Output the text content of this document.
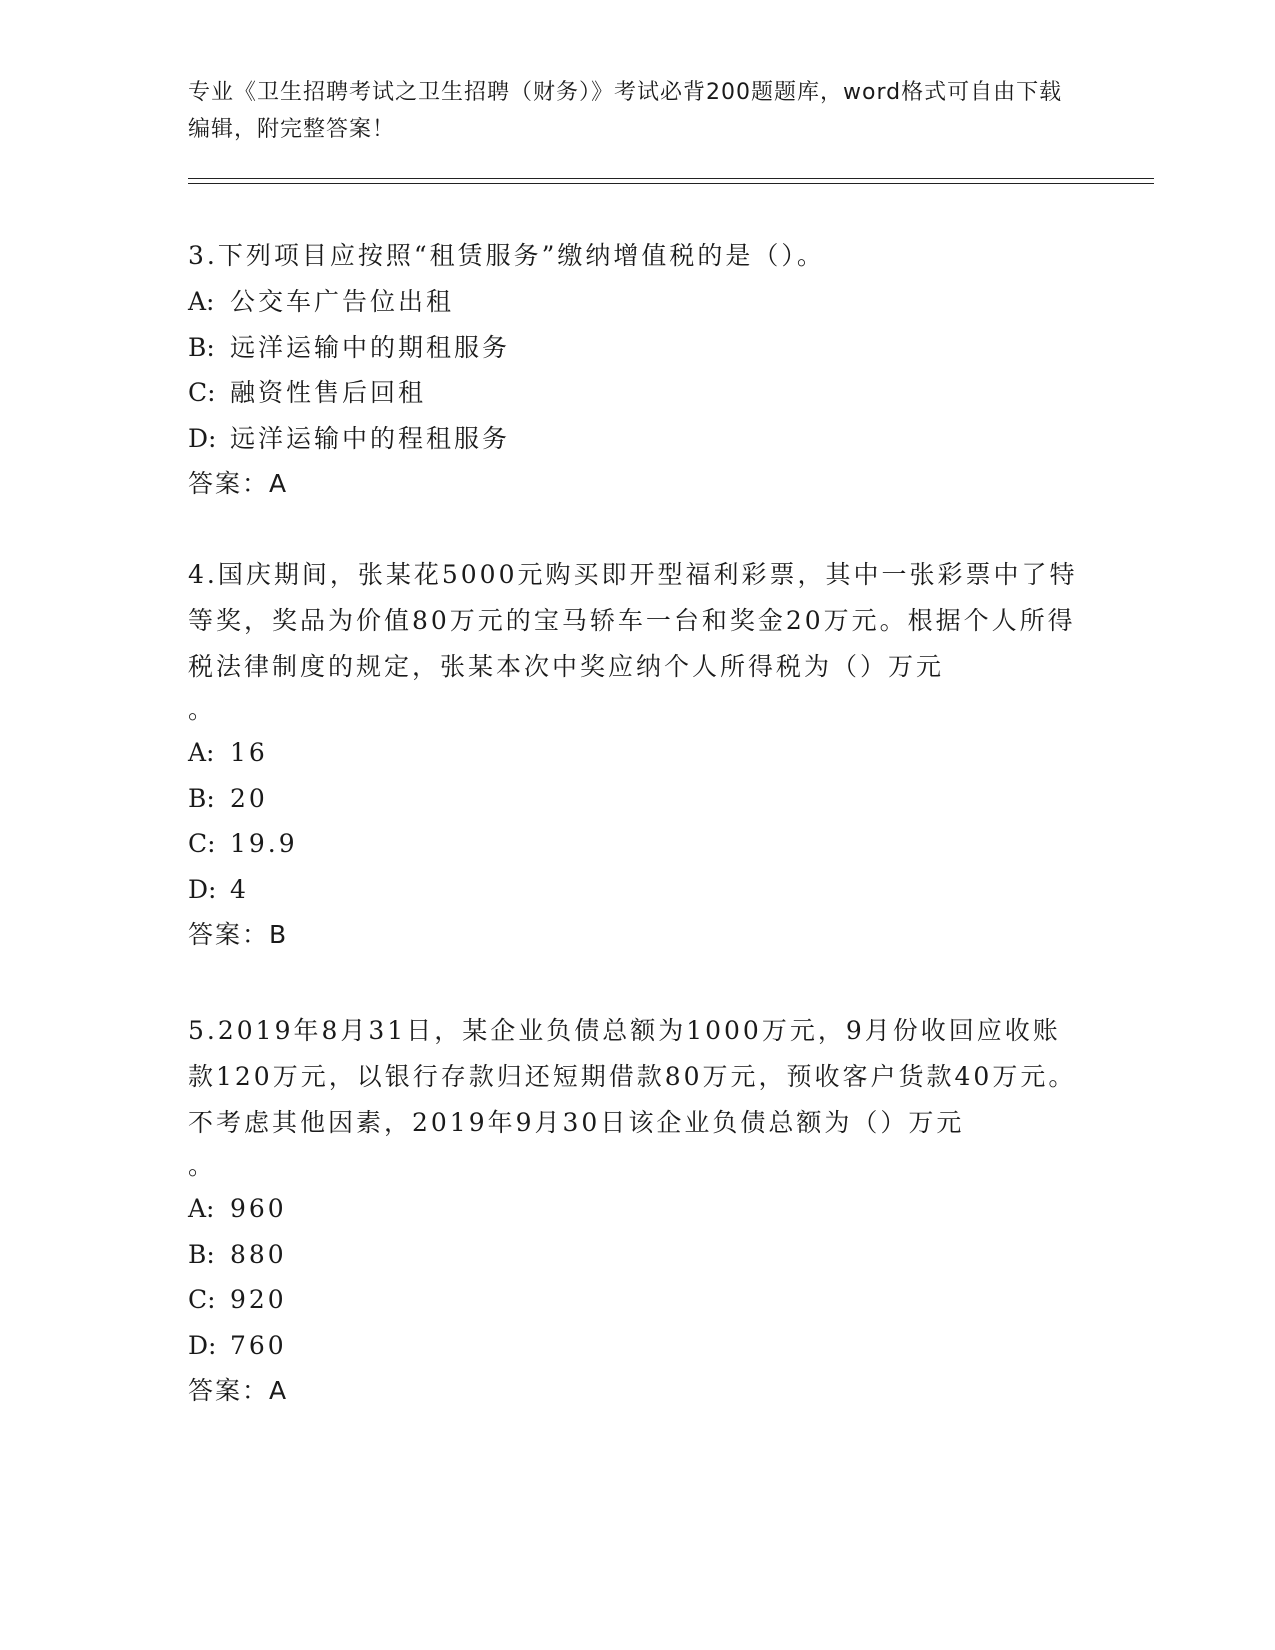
专业《卫生招聘考试之卫生招聘（财务）》考试必背200题题库，word格式可自由下载编辑，附完整答案！

3.下列项目应按照“租赁服务”缴纳增值税的是（）。

A: 公交车广告位出租

B: 远洋运输中的期租服务

C: 融资性售后回租

D: 远洋运输中的程租服务

答案：A

4.国庆期间，张某花5000元购买即开型福利彩票，其中一张彩票中了特等奖，奖品为价值80万元的宝马轿车一台和奖金20万元。根据个人所得税法律制度的规定，张某本次中奖应纳个人所得税为（）万元

。

A: 16

B: 20

C: 19.9

D: 4

答案：B

5.2019年8月31日，某企业负债总额为1000万元，9月份收回应收账款120万元，以银行存款归还短期借款80万元，预收客户货款40万元。不考虑其他因素，2019年9月30日该企业负债总额为（）万元

。

A: 960

B: 880

C: 920

D: 760

答案：A
